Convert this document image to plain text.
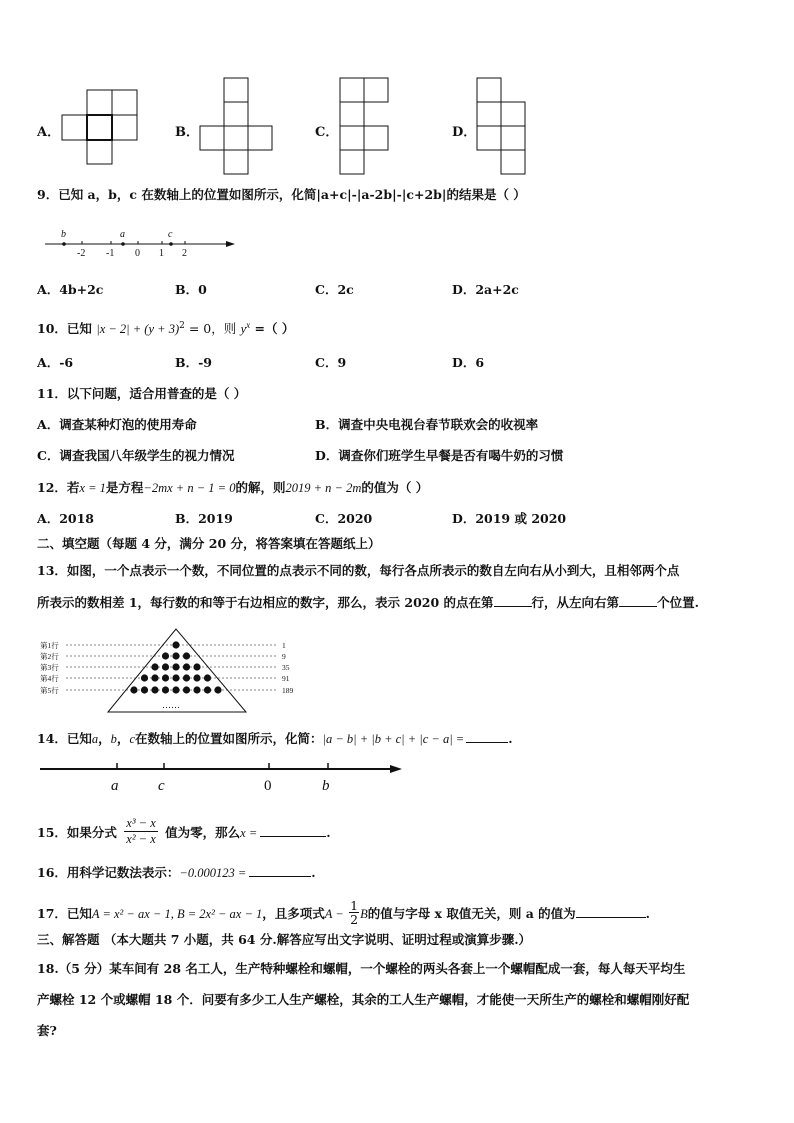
A．	B．	C．	D．
9．已知 a，b，c 在数轴上的位置如图所示，化简|a+c|-|a-2b|-|c+2b|的结果是（ ）
-2 -1 0 1 2
b	a	c
A．4b+2c	B．0	C．2c	D．2a+2c
10．已知 $|x - 2| + (y + 3)^2 = 0$，则 $y^x$ =（ ）
A．-6	B．-9	C．9	D．6
11．以下问题，适合用普查的是（ ）
A．调查某种灯泡的使用寿命	B．调查中央电视台春节联欢会的收视率
C．调查我国八年级学生的视力情况	D．调查你们班学生早餐是否有喝牛奶的习惯
12．若x = 1是方程−2mx + n − 1 = 0的解，则2019 + n − 2m的值为（ ）
A．2018	B．2019	C．2020	D．2019 或 2020
二、填空题（每题 4 分，满分 20 分，将答案填在答题纸上）
13．如图，一个点表示一个数，不同位置的点表示不同的数，每行各点所表示的数自左向右从小到大，且相邻两个点
所表示的数相差 1，每行数的和等于右边相应的数字，那么，表示 2020 的点在第	行，从左向右第	个位置.
第1行
第2行
第3行
第4行
第5行
1
9
35
91
189
……
14．已知a，b，c在数轴上的位置如图所示，化简：|a − b| + |b + c| + |c − a| =	.
a	c	0	b
15．如果分式 $\frac{\text{x³ − x}}{\text{x² − x}}$ 值为零，那么x =	.
16．用科学记数法表示：−0.000123 =	.
17．已知A = x² − ax − 1, B = 2x² − ax − 1，且多项式$A - \frac{1}{2}$ B的值与字母 x 取值无关，则 a 的值为	.
三、解答题 （本大题共 7 小题，共 64 分.解答应写出文字说明、证明过程或演算步骤.）
18.（5 分）某车间有 28 名工人，生产特种螺栓和螺帽，一个螺栓的两头各套上一个螺帽配成一套，每人每天平均生
产螺栓 12 个或螺帽 18 个．问要有多少工人生产螺栓，其余的工人生产螺帽，才能使一天所生产的螺栓和螺帽刚好配
套?
